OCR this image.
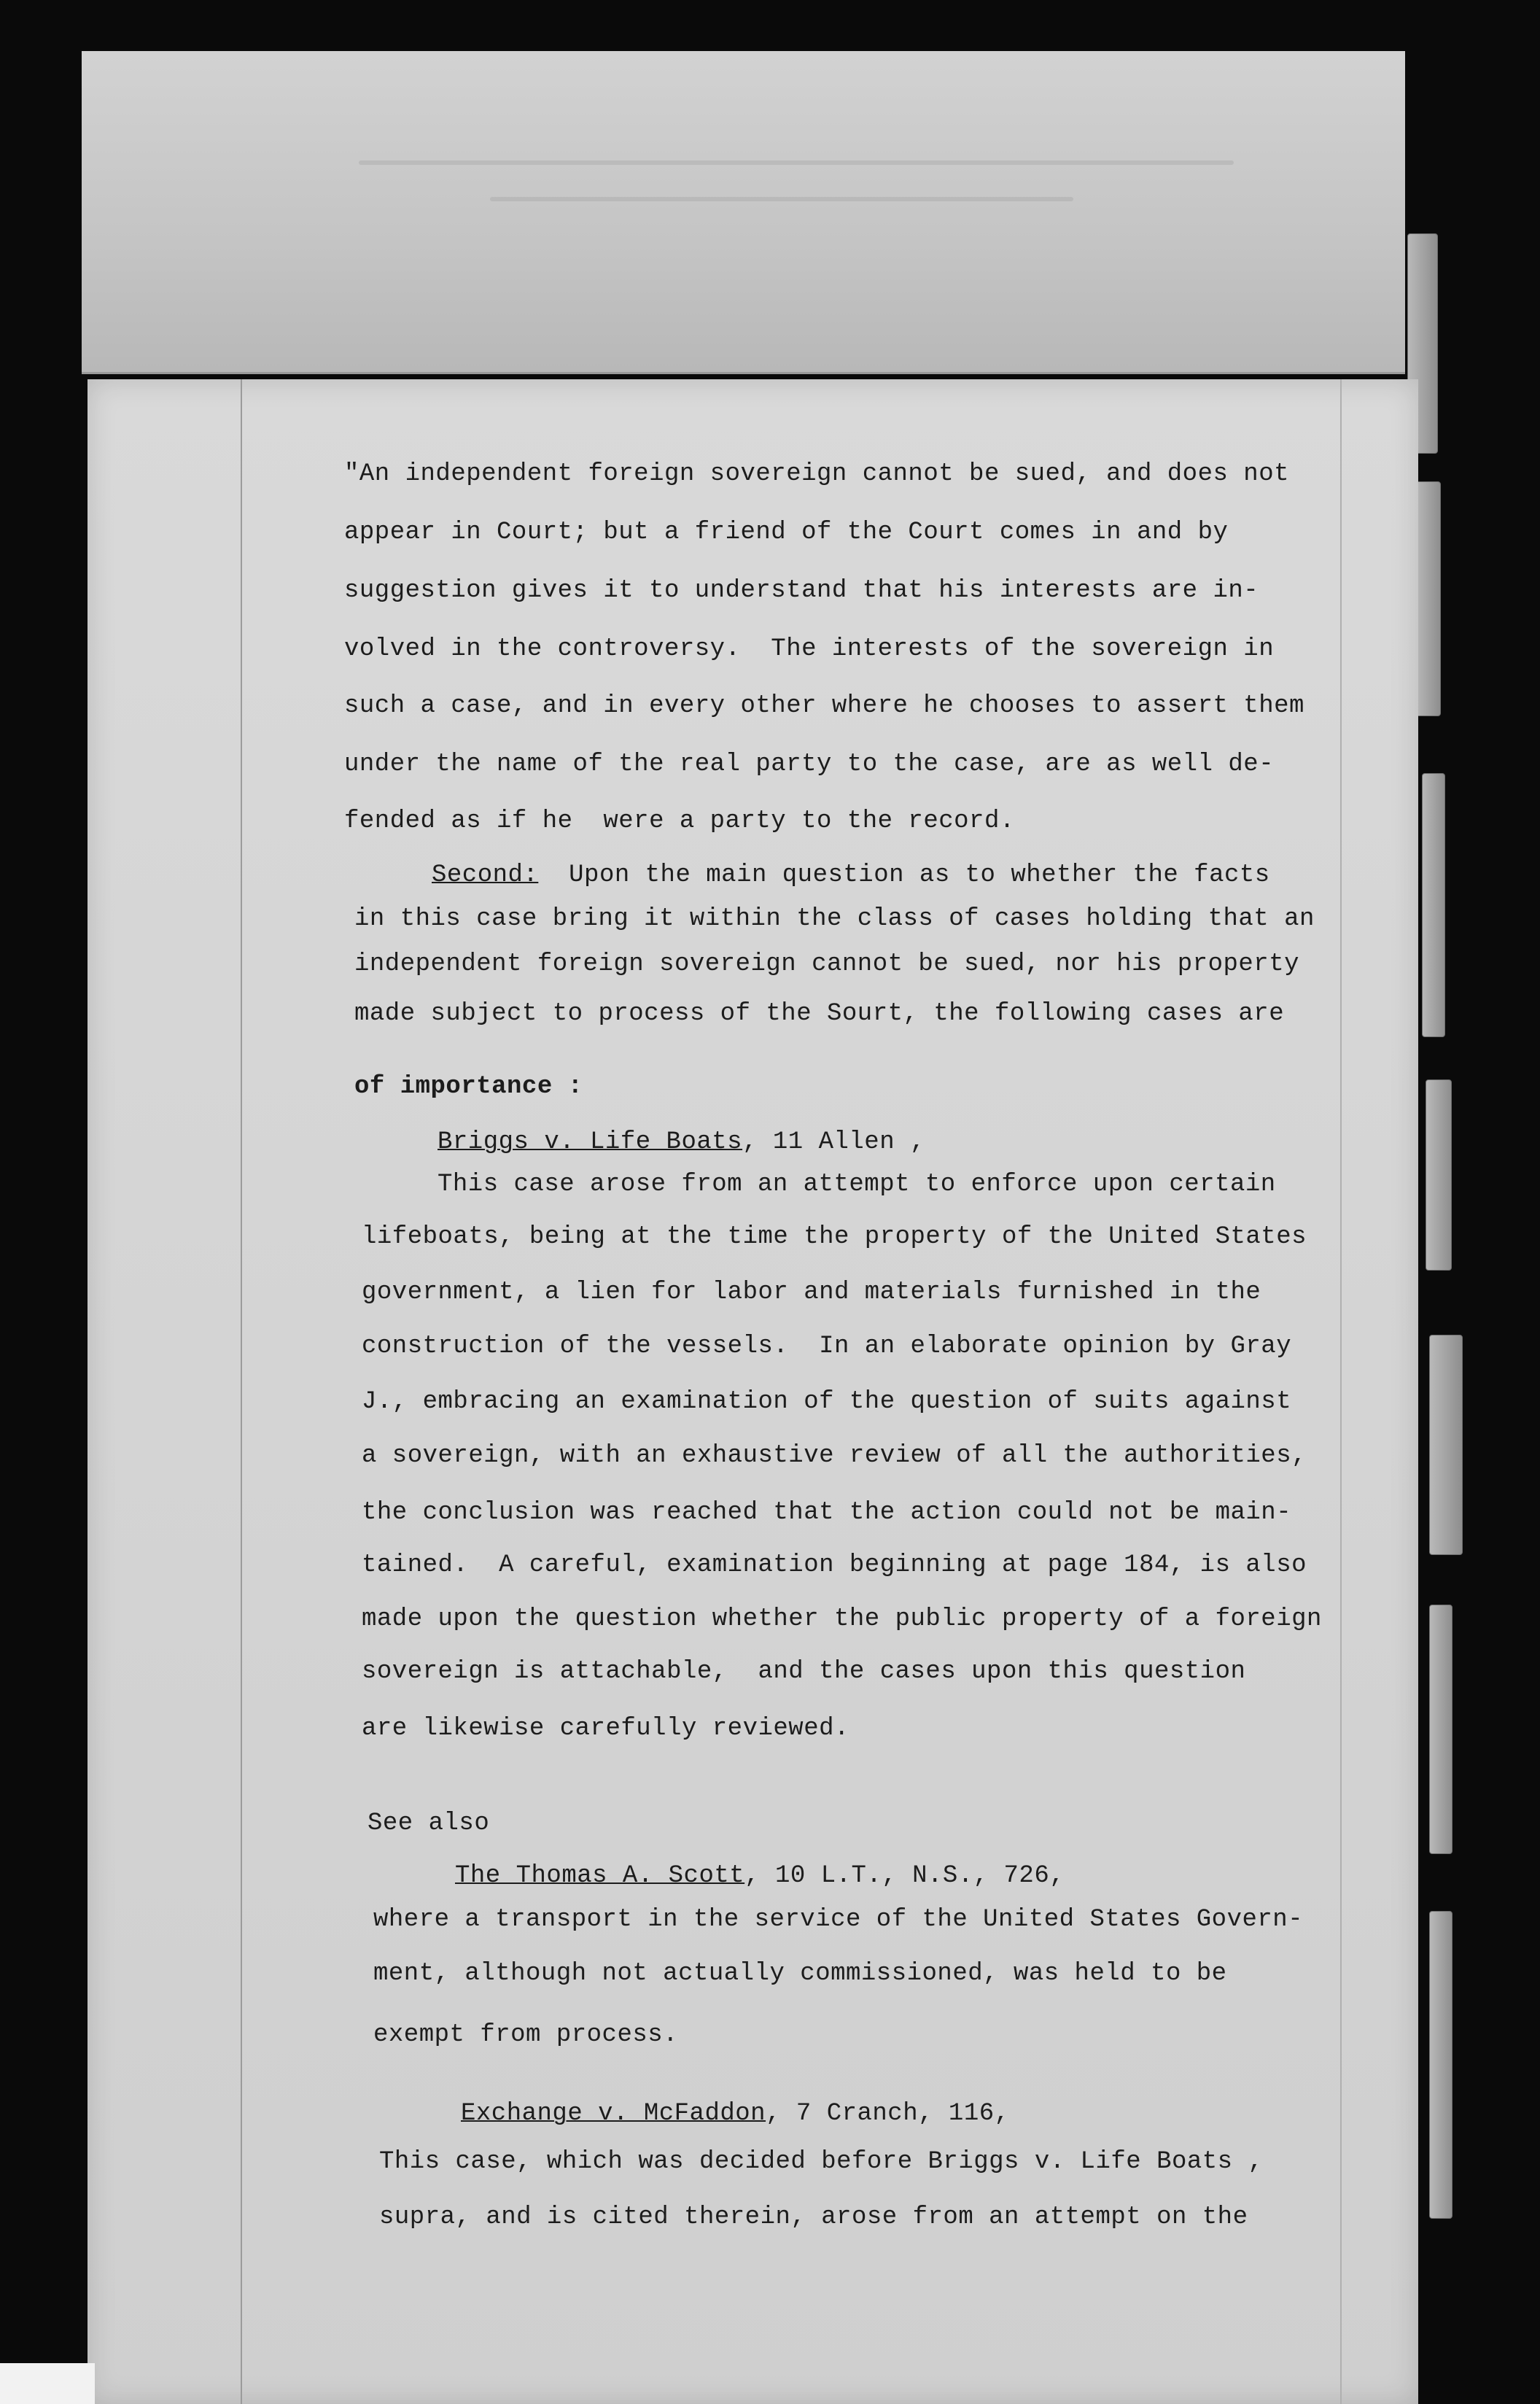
"An independent foreign sovereign cannot be sued, and does not
appear in Court; but a friend of the Court comes in and by
suggestion gives it to understand that his interests are in-
volved in the controversy.  The interests of the sovereign in
such a case, and in every other where he chooses to assert them
under the name of the real party to the case, are as well de-
fended as if he  were a party to the record.
Second:  Upon the main question as to whether the facts
in this case bring it within the class of cases holding that an
independent foreign sovereign cannot be sued, nor his property
made subject to process of the Sourt, the following cases are
of importance :
Briggs v. Life Boats, 11 Allen ,
This case arose from an attempt to enforce upon certain
lifeboats, being at the time the property of the United States
government, a lien for labor and materials furnished in the
construction of the vessels.  In an elaborate opinion by Gray
J., embracing an examination of the question of suits against
a sovereign, with an exhaustive review of all the authorities,
the conclusion was reached that the action could not be main-
tained.  A careful, examination beginning at page 184, is also
made upon the question whether the public property of a foreign
sovereign is attachable,  and the cases upon this question
are likewise carefully reviewed.
See also
The Thomas A. Scott, 10 L.T., N.S., 726,
where a transport in the service of the United States Govern-
ment, although not actually commissioned, was held to be
exempt from process.
Exchange v. McFaddon, 7 Cranch, 116,
This case, which was decided before Briggs v. Life Boats ,
supra, and is cited therein, arose from an attempt on the
